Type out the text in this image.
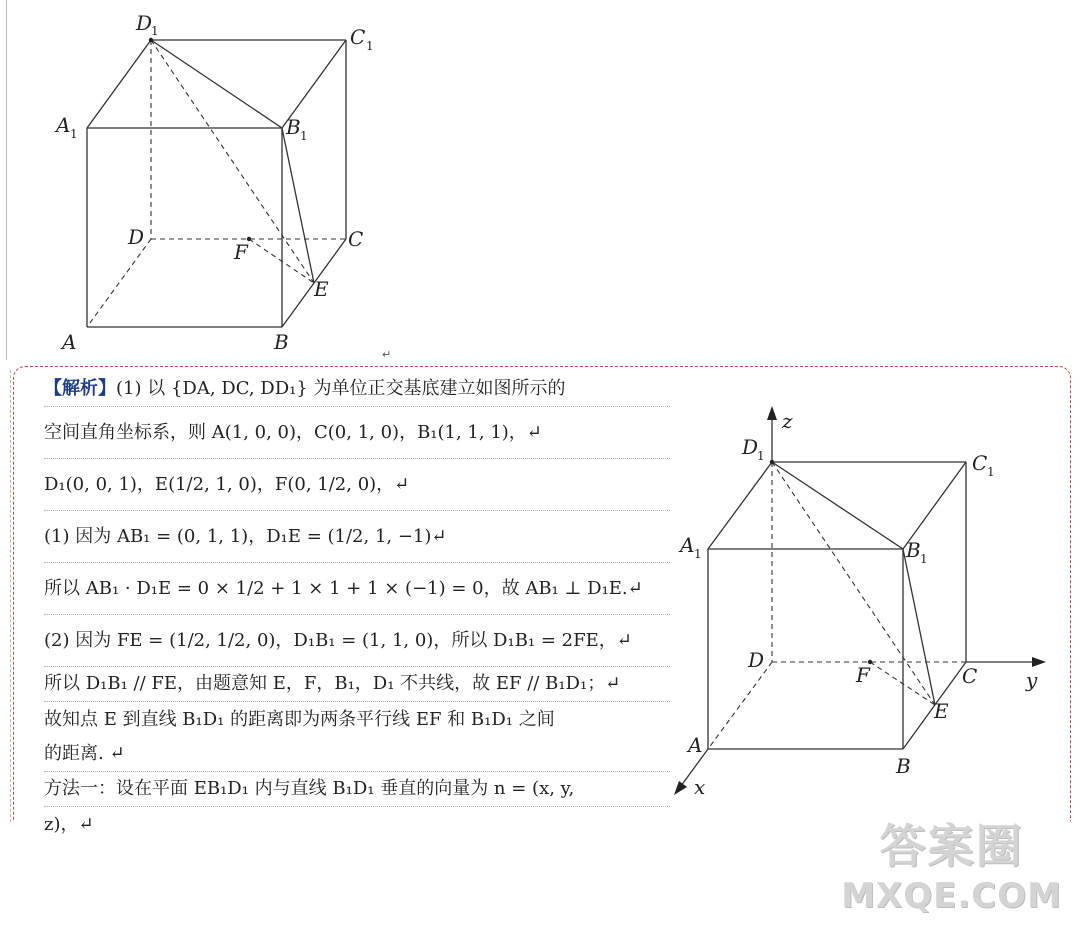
D
1	C 1
A 1	B 1
D	C
F
E
A	B
↵
【解析】 (1) 以 {DA, DC, DD₁} 为单位正交基底建立如图所示的
空间直角坐标系，则 A(1, 0, 0)，C(0, 1, 0)，B₁(1, 1, 1)，↵
D₁(0, 0, 1)，E(1/2, 1, 0)，F(0, 1/2, 0)，↵
(1) 因为 AB₁ = (0, 1, 1)，D₁E = (1/2, 1, −1)↵
所以 AB₁ · D₁E = 0 × 1/2 + 1 × 1 + 1 × (−1) = 0，故 AB₁ ⊥ D₁E.↵
(2) 因为 FE = (1/2, 1/2, 0)，D₁B₁ = (1, 1, 0)，所以 D₁B₁ = 2FE，↵
所以 D₁B₁ // FE，由题意知 E，F，B₁，D₁ 不共线，故 EF // B₁D₁；↵
故知点 E 到直线 B₁D₁ 的距离即为两条平行线 EF 和 B₁D₁ 之间
的距离. ↵
方法一：设在平面 EB₁D₁ 内与直线 B₁D₁ 垂直的向量为 n = (x, y,
z)，↵
z
y
x
D
1	C 1
A 1	B 1
D
C
F
E
A
B
答案圈
MXQE.COM
